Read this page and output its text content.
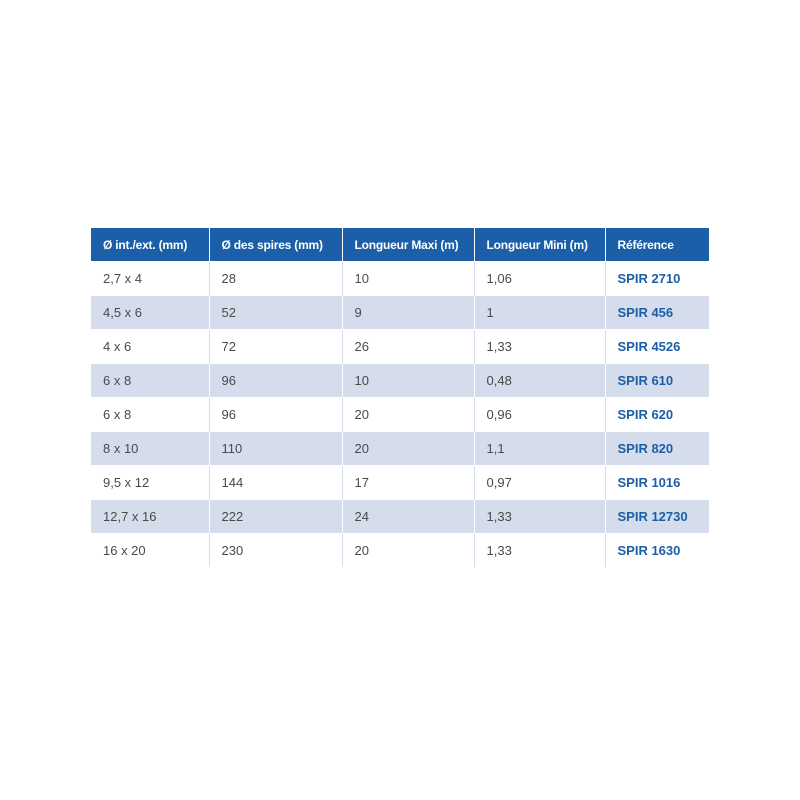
Ø int./ext. (mm)	Ø des spires (mm)	Longueur Maxi (m)	Longueur Mini (m)	Référence
2,7 x 4	28	10	1,06	SPIR 2710
4,5 x 6	52	9	1	SPIR 456
4 x 6	72	26	1,33	SPIR 4526
6 x 8	96	10	0,48	SPIR 610
6 x 8	96	20	0,96	SPIR 620
8 x 10	110	20	1,1	SPIR 820
9,5 x 12	144	17	0,97	SPIR 1016
12,7 x 16	222	24	1,33	SPIR 12730
16 x 20	230	20	1,33	SPIR 1630
